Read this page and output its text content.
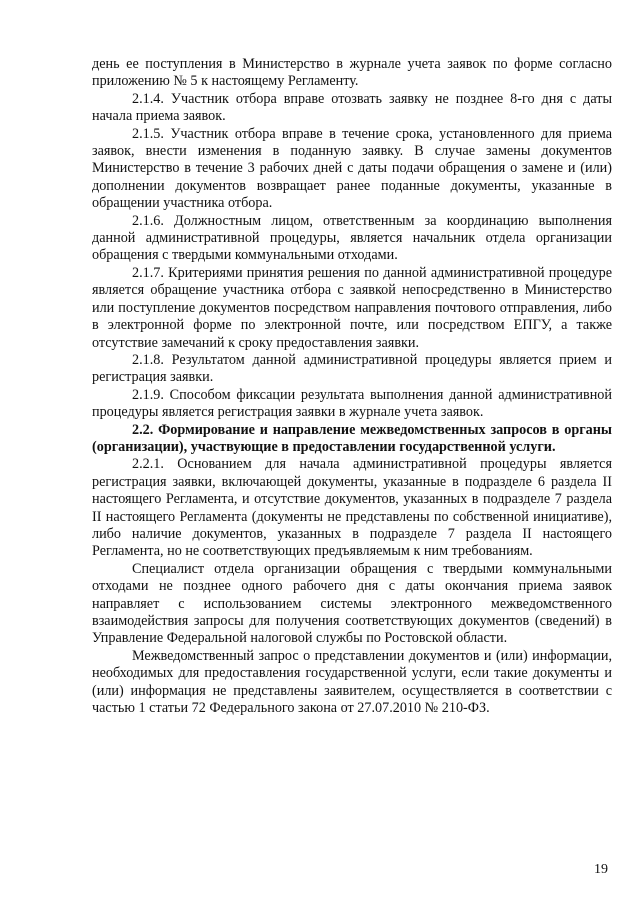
день ее поступления в Министерство в журнале учета заявок по форме согласно приложению № 5 к настоящему Регламенту.

2.1.4. Участник отбора вправе отозвать заявку не позднее 8-го дня с даты начала приема заявок.

2.1.5. Участник отбора вправе в течение срока, установленного для приема заявок, внести изменения в поданную заявку. В случае замены документов Министерство в течение 3 рабочих дней с даты подачи обращения о замене и (или) дополнении документов возвращает ранее поданные документы, указанные в обращении участника отбора.

2.1.6. Должностным лицом, ответственным за координацию выполнения данной административной процедуры, является начальник отдела организации обращения с твердыми коммунальными отходами.

2.1.7. Критериями принятия решения по данной административной процедуре является обращение участника отбора с заявкой непосредственно в Министерство или поступление документов посредством направления почтового отправления, либо в электронной форме по электронной почте, или посредством ЕПГУ, а также отсутствие замечаний к сроку предоставления заявки.

2.1.8. Результатом данной административной процедуры является прием и регистрация заявки.

2.1.9. Способом фиксации результата выполнения данной административной процедуры является регистрация заявки в журнале учета заявок.

2.2. Формирование и направление межведомственных запросов в органы (организации), участвующие в предоставлении государственной услуги.

2.2.1. Основанием для начала административной процедуры является регистрация заявки, включающей документы, указанные в подразделе 6 раздела II настоящего Регламента, и отсутствие документов, указанных в подразделе 7 раздела II настоящего Регламента (документы не представлены по собственной инициативе), либо наличие документов, указанных в подразделе 7 раздела II настоящего Регламента, но не соответствующих предъявляемым к ним требованиям.

Специалист отдела организации обращения с твердыми коммунальными отходами не позднее одного рабочего дня с даты окончания приема заявок направляет с использованием системы электронного межведомственного взаимодействия запросы для получения соответствующих документов (сведений) в Управление Федеральной налоговой службы по Ростовской области.

Межведомственный запрос о представлении документов и (или) информации, необходимых для предоставления государственной услуги, если такие документы и (или) информация не представлены заявителем, осуществляется в соответствии с частью 1 статьи 72 Федерального закона от 27.07.2010 № 210-ФЗ.

19
